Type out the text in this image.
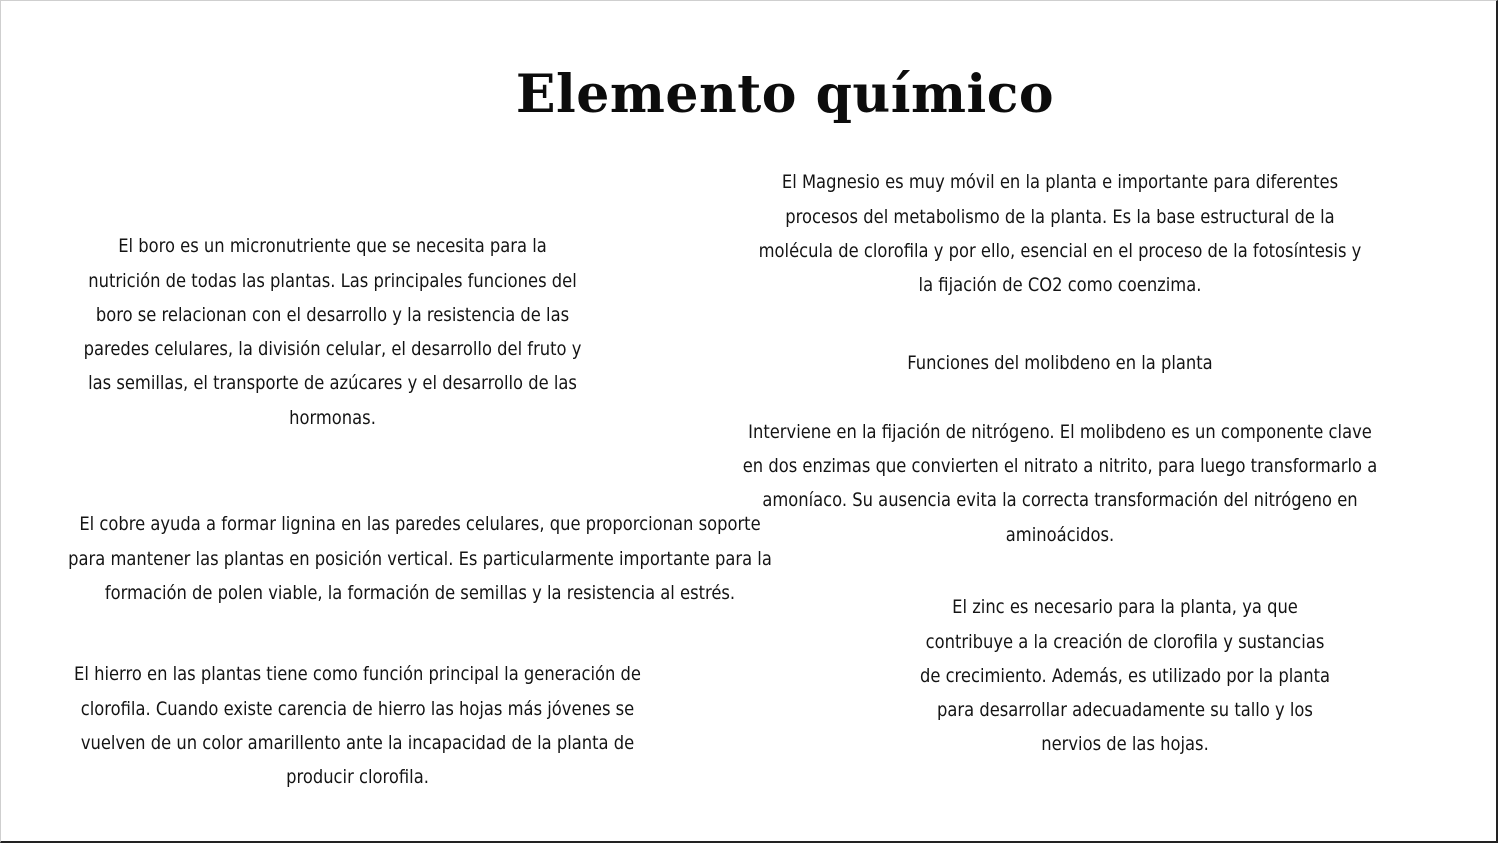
Elemento químico

El Magnesio es muy móvil en la planta e importante para diferentes
procesos del metabolismo de la planta. Es la base estructural de la
molécula de clorofila y por ello, esencial en el proceso de la fotosíntesis y
la fijación de CO2 como coenzima.

El boro es un micronutriente que se necesita para la
nutrición de todas las plantas. Las principales funciones del
boro se relacionan con el desarrollo y la resistencia de las
paredes celulares, la división celular, el desarrollo del fruto y
las semillas, el transporte de azúcares y el desarrollo de las
hormonas.

Funciones del molibdeno en la planta

Interviene en la fijación de nitrógeno. El molibdeno es un componente clave
en dos enzimas que convierten el nitrato a nitrito, para luego transformarlo a
amoníaco. Su ausencia evita la correcta transformación del nitrógeno en
aminoácidos.

El cobre ayuda a formar lignina en las paredes celulares, que proporcionan soporte
para mantener las plantas en posición vertical. Es particularmente importante para la
formación de polen viable, la formación de semillas y la resistencia al estrés.

El zinc es necesario para la planta, ya que
contribuye a la creación de clorofila y sustancias
de crecimiento. Además, es utilizado por la planta
para desarrollar adecuadamente su tallo y los
nervios de las hojas.

El hierro en las plantas tiene como función principal la generación de
clorofila. Cuando existe carencia de hierro las hojas más jóvenes se
vuelven de un color amarillento ante la incapacidad de la planta de
producir clorofila.
